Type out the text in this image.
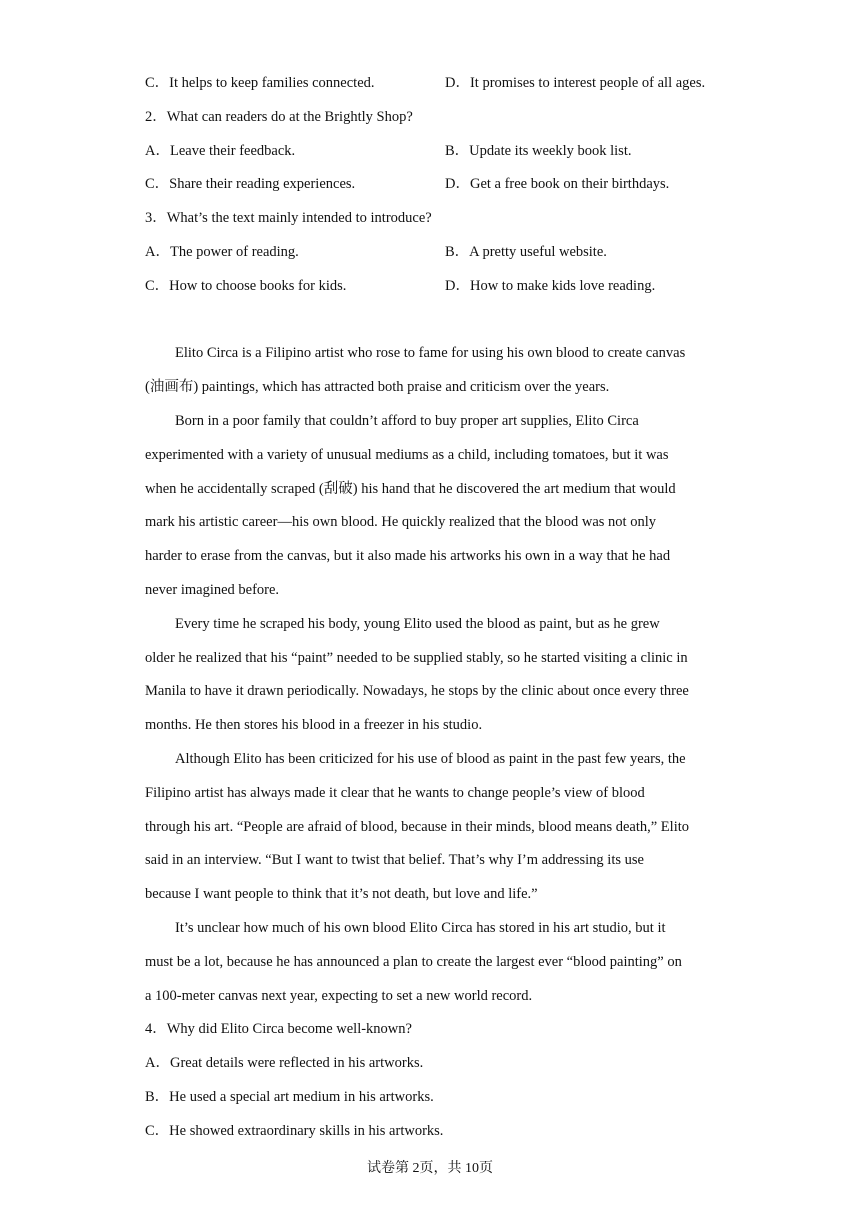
C．It helps to keep families connected.	D．It promises to interest people of all ages.
2．What can readers do at the Brightly Shop?
A．Leave their feedback.	B．Update its weekly book list.
C．Share their reading experiences.	D．Get a free book on their birthdays.
3．What’s the text mainly intended to introduce?
A．The power of reading.	B．A pretty useful website.
C．How to choose books for kids.	D．How to make kids love reading.
Elito Circa is a Filipino artist who rose to fame for using his own blood to create canvas
(油画布) paintings, which has attracted both praise and criticism over the years.
Born in a poor family that couldn’t afford to buy proper art supplies, Elito Circa
experimented with a variety of unusual mediums as a child, including tomatoes, but it was
when he accidentally scraped (刮破) his hand that he discovered the art medium that would
mark his artistic career—his own blood. He quickly realized that the blood was not only
harder to erase from the canvas, but it also made his artworks his own in a way that he had
never imagined before.
Every time he scraped his body, young Elito used the blood as paint, but as he grew
older he realized that his “paint” needed to be supplied stably, so he started visiting a clinic in
Manila to have it drawn periodically. Nowadays, he stops by the clinic about once every three
months. He then stores his blood in a freezer in his studio.
Although Elito has been criticized for his use of blood as paint in the past few years, the
Filipino artist has always made it clear that he wants to change people’s view of blood
through his art. “People are afraid of blood, because in their minds, blood means death,” Elito
said in an interview. “But I want to twist that belief. That’s why I’m addressing its use
because I want people to think that it’s not death, but love and life.”
It’s unclear how much of his own blood Elito Circa has stored in his art studio, but it
must be a lot, because he has announced a plan to create the largest ever “blood painting” on
a 100-meter canvas next year, expecting to set a new world record.
4．Why did Elito Circa become well-known?
A．Great details were reflected in his artworks.
B．He used a special art medium in his artworks.
C．He showed extraordinary skills in his artworks.
试卷第 2页，共 10页
